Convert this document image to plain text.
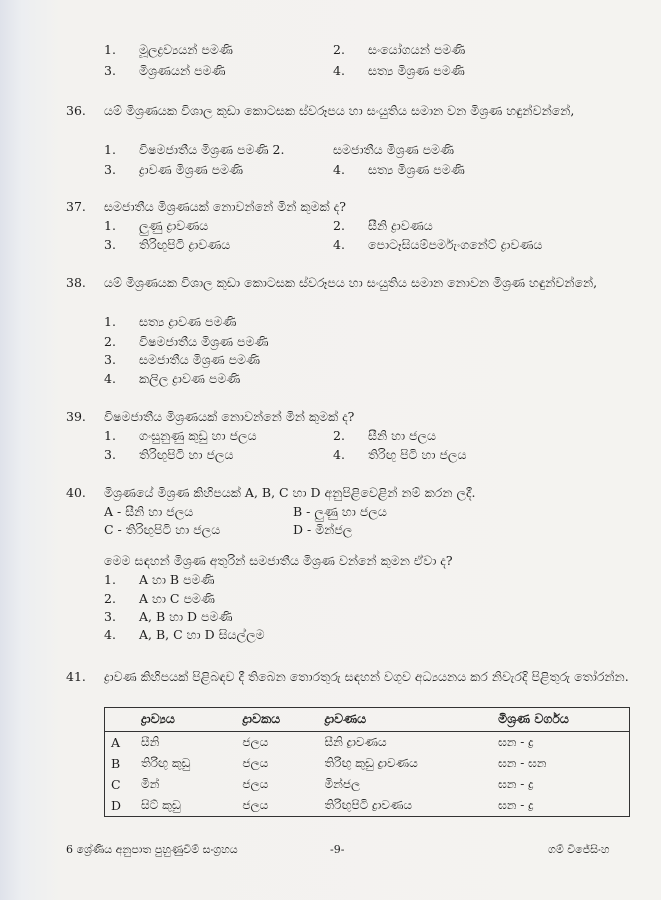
1. මූලද්‍රව්‍යයන් පමණි	2. සංයෝගයන් පමණි
3. මිශ්‍රණයන් පමණි	4. සත්‍ය මිශ්‍රණ පමණි
36. යම් මිශ්‍රණයක විශාල කුඩා කොටසක ස්වරූපය හා සංයුතිය සමාන වන මිශ්‍රණ හඳුන්වන්නේ,
1. විෂමජාතීය මිශ්‍රණ පමණි 2.	සමජාතීය මිශ්‍රණ පමණි
3. ද්‍රාවණ මිශ්‍රණ පමණි	4. සත්‍ය මිශ්‍රණ පමණි
37. සමජාතීය මිශ්‍රණයක් නොවන්නේ මින් කුමක් ද?
1. ලුණු ද්‍රාවණය	2. සීනි ද්‍රාවණය
3. තිරිඟුපිටි ද්‍රාවණය	4. පොටෑසියම්පර්මැංගනේට් ද්‍රාවණය
38. යම් මිශ්‍රණයක විශාල කුඩා කොටසක ස්වරූපය හා සංයුතිය සමාන නොවන මිශ්‍රණ හඳුන්වන්නේ,
1. සත්‍ය ද්‍රාවණ පමණි
2. විෂමජාතීය මිශ්‍රණ පමණි
3. සමජාතීය මිශ්‍රණ පමණි
4. කලිල ද්‍රාවණ පමණි
39. විෂමජාතීය මිශ්‍රණයක් නොවන්නේ මින් කුමක් ද?
1. ගංසුනුණු කුඩු හා ජලය	2. සීනි හා ජලය
3. තිරිඟුපිටි හා ජලය	4. තිරිඟු පිටි හා ජලය
40. මිශ්‍රණයේ මිශ්‍රණ කිහිපයක් A, B, C හා D අනුපිළිවෙළින් නම් කරන ලදී.
A - සීනි හා ජලය	B - ලුණු හා ජලය
C - තිරිඟුපිටි හා ජලය	D - මින්ජල
මෙම සඳහන් මිශ්‍රණ අතුරින් සමජාතීය මිශ්‍රණ වන්නේ කුමන ඒවා ද?
1. A හා B පමණි
2. A හා C පමණි
3. A, B හා D පමණි
4. A, B, C හා D සියල්ලම
41. ද්‍රාවණ කිහිපයක් පිළිබඳව දී තිබෙන තොරතුරු සඳහන් වගුව අධ්‍යයනය කර නිවැරදි පිළිතුරු තෝරන්න.
	ද්‍රාව්‍යය	ද්‍රාවකය	ද්‍රාවණය	මිශ්‍රණ වර්ගය
A	සීනි	ජලය	සීනි ද්‍රාවණය	ඝන - ද්‍ර
B	තිරිඟු කුඩු	ජලය	තිරිඟු කුඩු ද්‍රාවණය	ඝන - ඝන
C	මින්	ජලය	මින්ජල	ඝන - ද්‍ර
D	සිට් කුඩු	ජලය	තිරිඟුපිටි ද්‍රාවණය	ඝන - ද්‍ර
6 ශ්‍රේණිය අනුපාත පුහුණුවීම් සංග්‍රහය	-9-	ගම් විජේසිංහ
